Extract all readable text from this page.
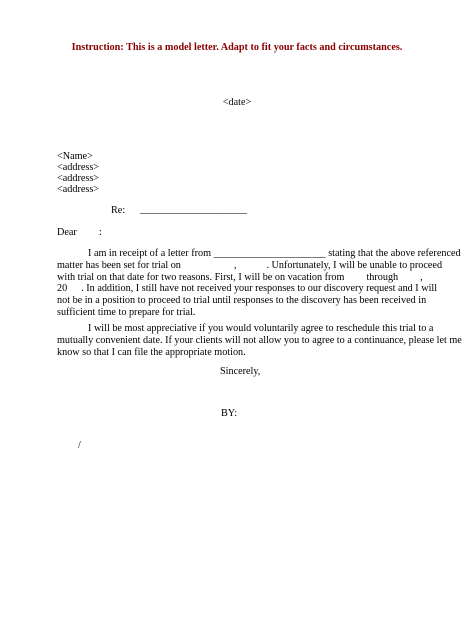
Instruction: This is a model letter. Adapt to fit your facts and circumstances.
<date>
<Name>
<address>
<address>
<address>
Re: _____________________
Dear :
I am in receipt of a letter from ______________________ stating that the above referenced
matter has been set for trial on	,	. Unfortunately, I will be unable to proceed
with trial on that date for two reasons. First, I will be on vacation from through ,
20 . In addition, I still have not received your responses to our discovery request and I will
not be in a position to proceed to trial until responses to the discovery has been received in
sufficient time to prepare for trial.
I will be most appreciative if you would voluntarily agree to reschedule this trial to a
mutually convenient date. If your clients will not allow you to agree to a continuance, please let me
know so that I can file the appropriate motion.
Sincerely,
BY:
/
